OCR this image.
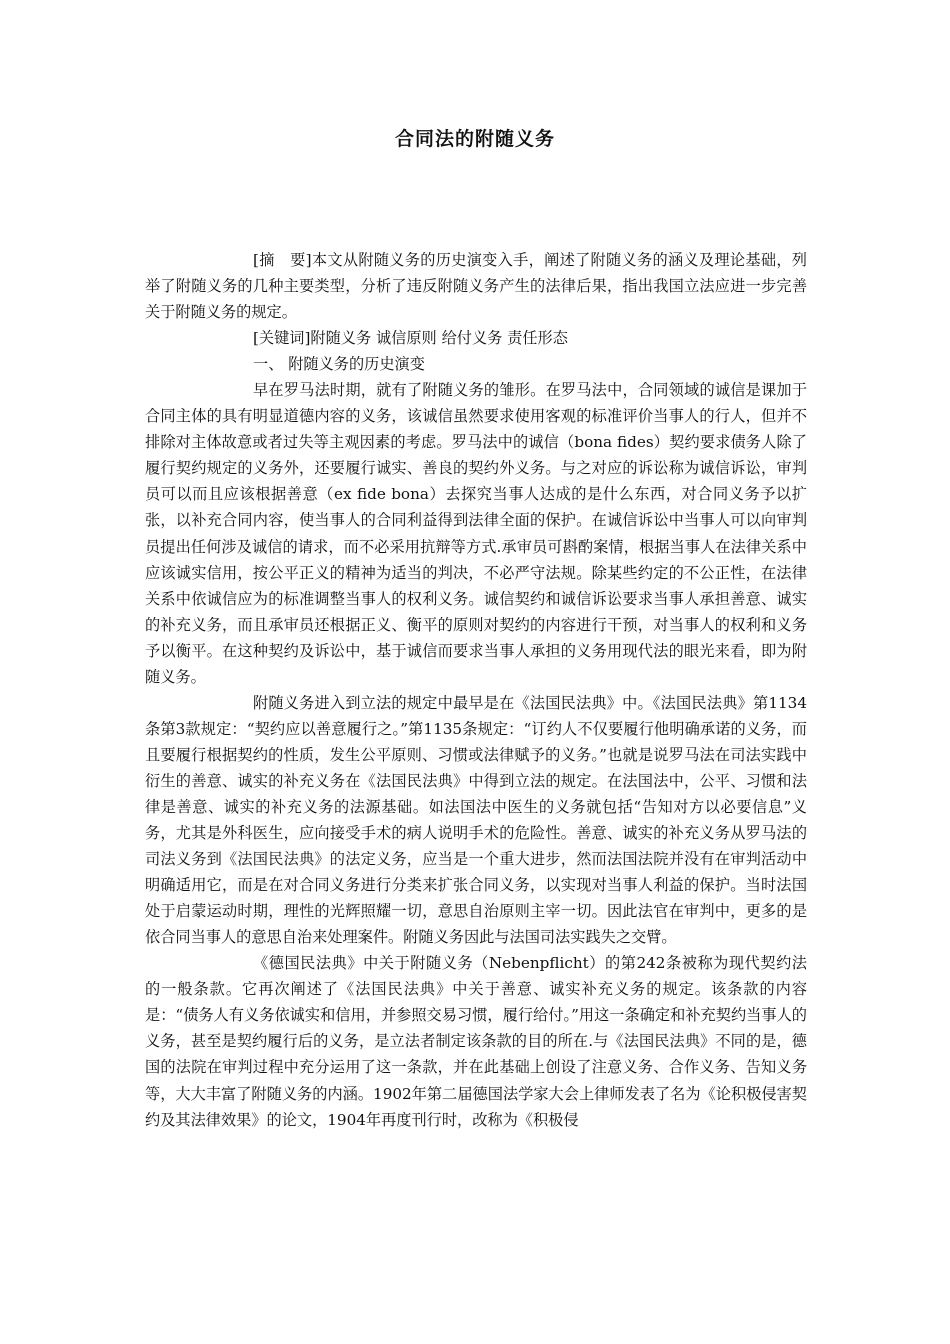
合同法的附随义务

[摘　要]本文从附随义务的历史演变入手，阐述了附随义务的涵义及理论基础，列举了附随义务的几种主要类型，分析了违反附随义务产生的法律后果，指出我国立法应进一步完善关于附随义务的规定。

[关键词]附随义务 诚信原则 给付义务 责任形态

一、 附随义务的历史演变

早在罗马法时期，就有了附随义务的雏形。在罗马法中，合同领域的诚信是课加于合同主体的具有明显道德内容的义务，该诚信虽然要求使用客观的标准评价当事人的行人，但并不排除对主体故意或者过失等主观因素的考虑。罗马法中的诚信（bona fides）契约要求债务人除了履行契约规定的义务外，还要履行诚实、善良的契约外义务。与之对应的诉讼称为诚信诉讼，审判员可以而且应该根据善意（ex fide bona）去探究当事人达成的是什么东西，对合同义务予以扩张，以补充合同内容，使当事人的合同利益得到法律全面的保护。在诚信诉讼中当事人可以向审判员提出任何涉及诚信的请求，而不必采用抗辩等方式.承审员可斟酌案情，根据当事人在法律关系中应该诚实信用，按公平正义的精神为适当的判决，不必严守法规。除某些约定的不公正性，在法律关系中依诚信应为的标准调整当事人的权利义务。诚信契约和诚信诉讼要求当事人承担善意、诚实的补充义务，而且承审员还根据正义、衡平的原则对契约的内容进行干预，对当事人的权利和义务予以衡平。在这种契约及诉讼中，基于诚信而要求当事人承担的义务用现代法的眼光来看，即为附随义务。

附随义务进入到立法的规定中最早是在《法国民法典》中。《法国民法典》第1134条第3款规定：“契约应以善意履行之。”第1135条规定：“订约人不仅要履行他明确承诺的义务，而且要履行根据契约的性质，发生公平原则、习惯或法律赋予的义务。”也就是说罗马法在司法实践中衍生的善意、诚实的补充义务在《法国民法典》中得到立法的规定。在法国法中，公平、习惯和法律是善意、诚实的补充义务的法源基础。如法国法中医生的义务就包括“告知对方以必要信息”义务，尤其是外科医生，应向接受手术的病人说明手术的危险性。善意、诚实的补充义务从罗马法的司法义务到《法国民法典》的法定义务，应当是一个重大进步，然而法国法院并没有在审判活动中明确适用它，而是在对合同义务进行分类来扩张合同义务，以实现对当事人利益的保护。当时法国处于启蒙运动时期，理性的光辉照耀一切，意思自治原则主宰一切。因此法官在审判中，更多的是依合同当事人的意思自治来处理案件。附随义务因此与法国司法实践失之交臂。

《德国民法典》中关于附随义务（Nebenpflicht）的第242条被称为现代契约法的一般条款。它再次阐述了《法国民法典》中关于善意、诚实补充义务的规定。该条款的内容是：“债务人有义务依诚实和信用，并参照交易习惯，履行给付。”用这一条确定和补充契约当事人的义务，甚至是契约履行后的义务，是立法者制定该条款的目的所在.与《法国民法典》不同的是，德国的法院在审判过程中充分运用了这一条款，并在此基础上创设了注意义务、合作义务、告知义务等，大大丰富了附随义务的内涵。1902年第二届德国法学家大会上律师发表了名为《论积极侵害契约及其法律效果》的论文，1904年再度刊行时，改称为《积极侵
